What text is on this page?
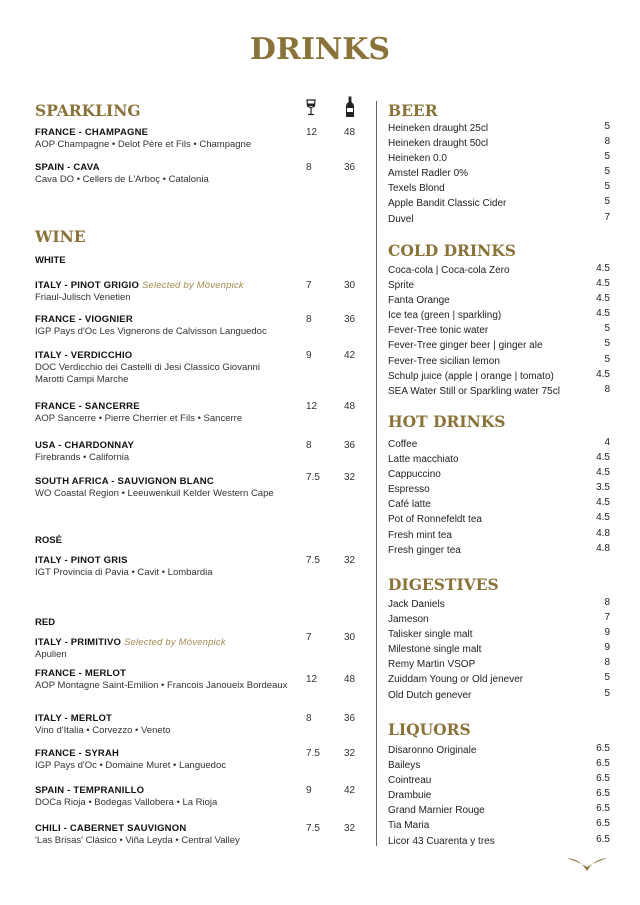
DRINKS
SPARKLING
WINE
WHITE
ROSÉ
RED
FRANCE - CHAMPAGNE
AOP Champagne • Delot Père et Fils • Champagne
12	48
SPAIN - CAVA
Cava DO • Cellers de L'Arboç • Catalonia
8	36
ITALY - PINOT GRIGIO Selected by Mövenpick
Friaul-Julisch Venetien
7	30
FRANCE - VIOGNIER
IGP Pays d'Oc Les Vignerons de Calvisson Languedoc
8	36
ITALY - VERDICCHIO
DOC Verdicchio dei Castelli di Jesi Classico Giovanni Marotti Campi Marche
9	42
FRANCE - SANCERRE
AOP Sancerre • Pierre Cherrier et Fils • Sancerre
12	48
USA - CHARDONNAY
Firebrands • California
8	36
SOUTH AFRICA - SAUVIGNON BLANC
WO Coastal Region • Leeuwenkuil Kelder Western Cape
7.5 32
ITALY - PINOT GRIS
IGT Provincia di Pavia • Cavit • Lombardia
7.5 32
ITALY - PRIMITIVO Selected by Mövenpick
Apulien
7	30
FRANCE - MERLOT
AOP Montagne Saint-Emilion • Francois Janoueix Bordeaux
12	48
ITALY - MERLOT
Vino d'Italia • Corvezzo • Veneto
8	36
FRANCE - SYRAH
IGP Pays d'Oc • Domaine Muret • Languedoc
7.5 32
SPAIN - TEMPRANILLO
DOCa Rioja • Bodegas Vallobera • La Rioja
9	42
CHILI - CABERNET SAUVIGNON
'Las Brisas' Clásico • Viña Leyda • Central Valley
7.5 32
BEER
Heineken draught 25cl	5
Heineken draught 50cl	8
Heineken 0.0	5
Amstel Radler 0%	5
Texels Blond	5
Apple Bandit Classic Cider	5
Duvel	7
COLD DRINKS
Coca-cola | Coca-cola Zero	4.5
Sprite	4.5
Fanta Orange	4.5
Ice tea (green | sparkling)	4.5
Fever-Tree tonic water	5
Fever-Tree ginger beer | ginger ale	5
Fever-Tree sicilian lemon	5
Schulp juice (apple | orange | tomato)	4.5
SEA Water Still or Sparkling water 75cl	8
HOT DRINKS
Coffee	4
Latte macchiato	4.5
Cappuccino	4.5
Espresso	3.5
Café latte	4.5
Pot of Ronnefeldt tea	4.5
Fresh mint tea	4.8
Fresh ginger tea	4.8
DIGESTIVES
Jack Daniels	8
Jameson	7
Talisker single malt	9
Milestone single malt	9
Remy Martin VSOP	8
Zuiddam Young or Old jenever	5
Old Dutch genever	5
LIQUORS
Disaronno Originale	6.5
Baileys	6.5
Cointreau	6.5
Drambuie	6.5
Grand Marnier Rouge	6.5
Tia Maria	6.5
Licor 43 Cuarenta y tres	6.5
